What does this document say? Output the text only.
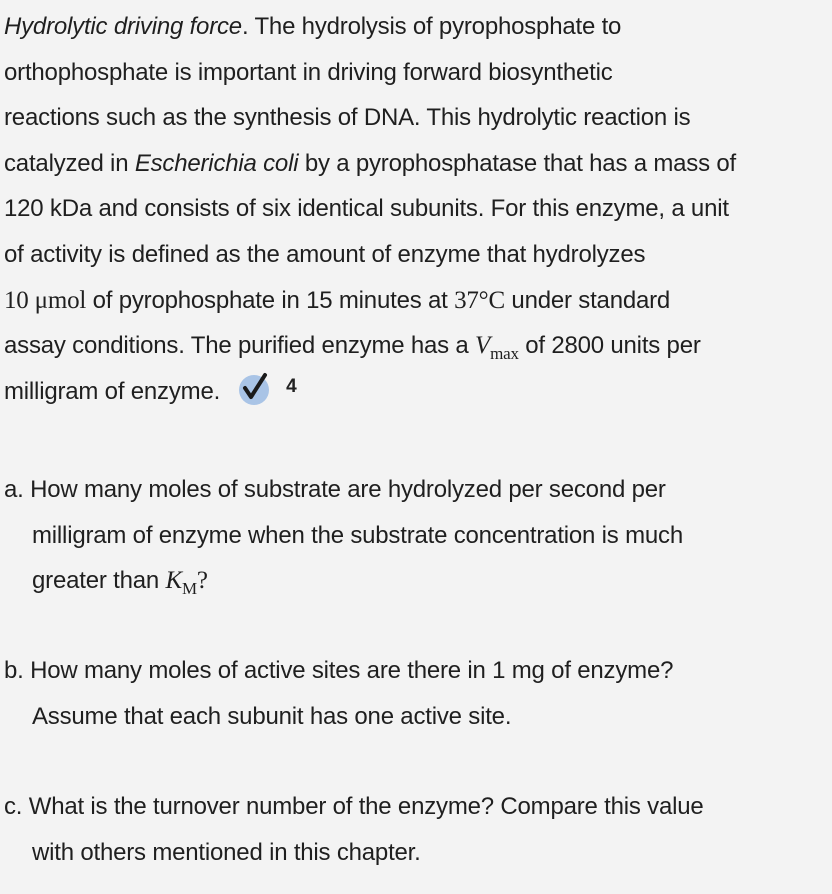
Hydrolytic driving force. The hydrolysis of pyrophosphate to
orthophosphate is important in driving forward biosynthetic
reactions such as the synthesis of DNA. This hydrolytic reaction is
catalyzed in Escherichia coli by a pyrophosphatase that has a mass of
120 kDa and consists of six identical subunits. For this enzyme, a unit
of activity is defined as the amount of enzyme that hydrolyzes
10 μmol of pyrophosphate in 15 minutes at 37°C under standard
assay conditions. The purified enzyme has a $V_{max}$ of 2800 units per
milligram of enzyme.	4
a. How many moles of substrate are hydrolyzed per second per
milligram of enzyme when the substrate concentration is much
greater than $K_M$?
b. How many moles of active sites are there in 1 mg of enzyme?
Assume that each subunit has one active site.
c. What is the turnover number of the enzyme? Compare this value
with others mentioned in this chapter.
